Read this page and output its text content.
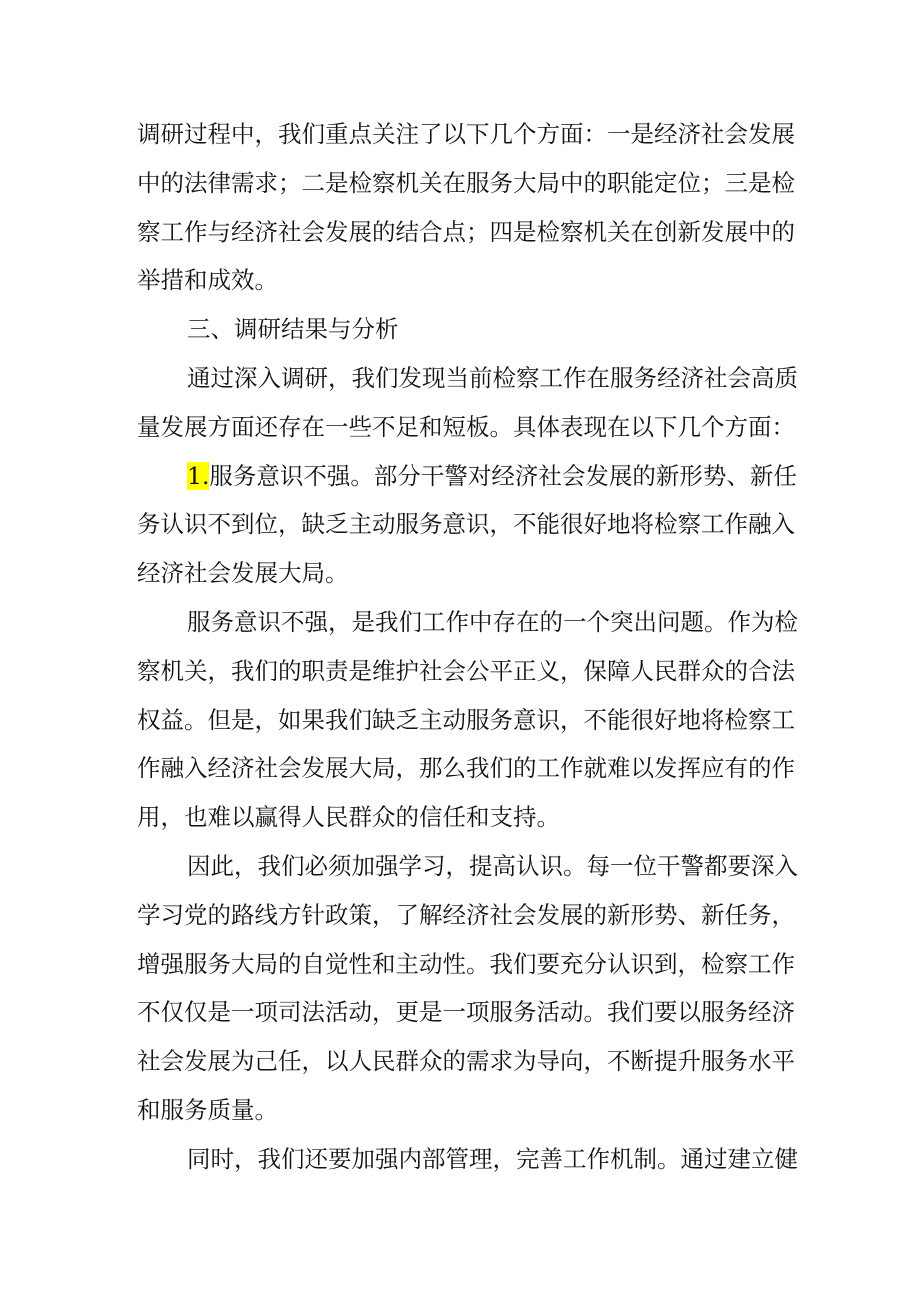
调研过程中，我们重点关注了以下几个方面：一是经济社会发展
中的法律需求；二是检察机关在服务大局中的职能定位；三是检
察工作与经济社会发展的结合点；四是检察机关在创新发展中的
举措和成效。
三、调研结果与分析
通过深入调研，我们发现当前检察工作在服务经济社会高质
量发展方面还存在一些不足和短板。具体表现在以下几个方面：
1.服务意识不强。部分干警对经济社会发展的新形势、新任
务认识不到位，缺乏主动服务意识，不能很好地将检察工作融入
经济社会发展大局。
服务意识不强，是我们工作中存在的一个突出问题。作为检
察机关，我们的职责是维护社会公平正义，保障人民群众的合法
权益。但是，如果我们缺乏主动服务意识，不能很好地将检察工
作融入经济社会发展大局，那么我们的工作就难以发挥应有的作
用，也难以赢得人民群众的信任和支持。
因此，我们必须加强学习，提高认识。每一位干警都要深入
学习党的路线方针政策，了解经济社会发展的新形势、新任务，
增强服务大局的自觉性和主动性。我们要充分认识到，检察工作
不仅仅是一项司法活动，更是一项服务活动。我们要以服务经济
社会发展为己任，以人民群众的需求为导向，不断提升服务水平
和服务质量。
同时，我们还要加强内部管理，完善工作机制。通过建立健
